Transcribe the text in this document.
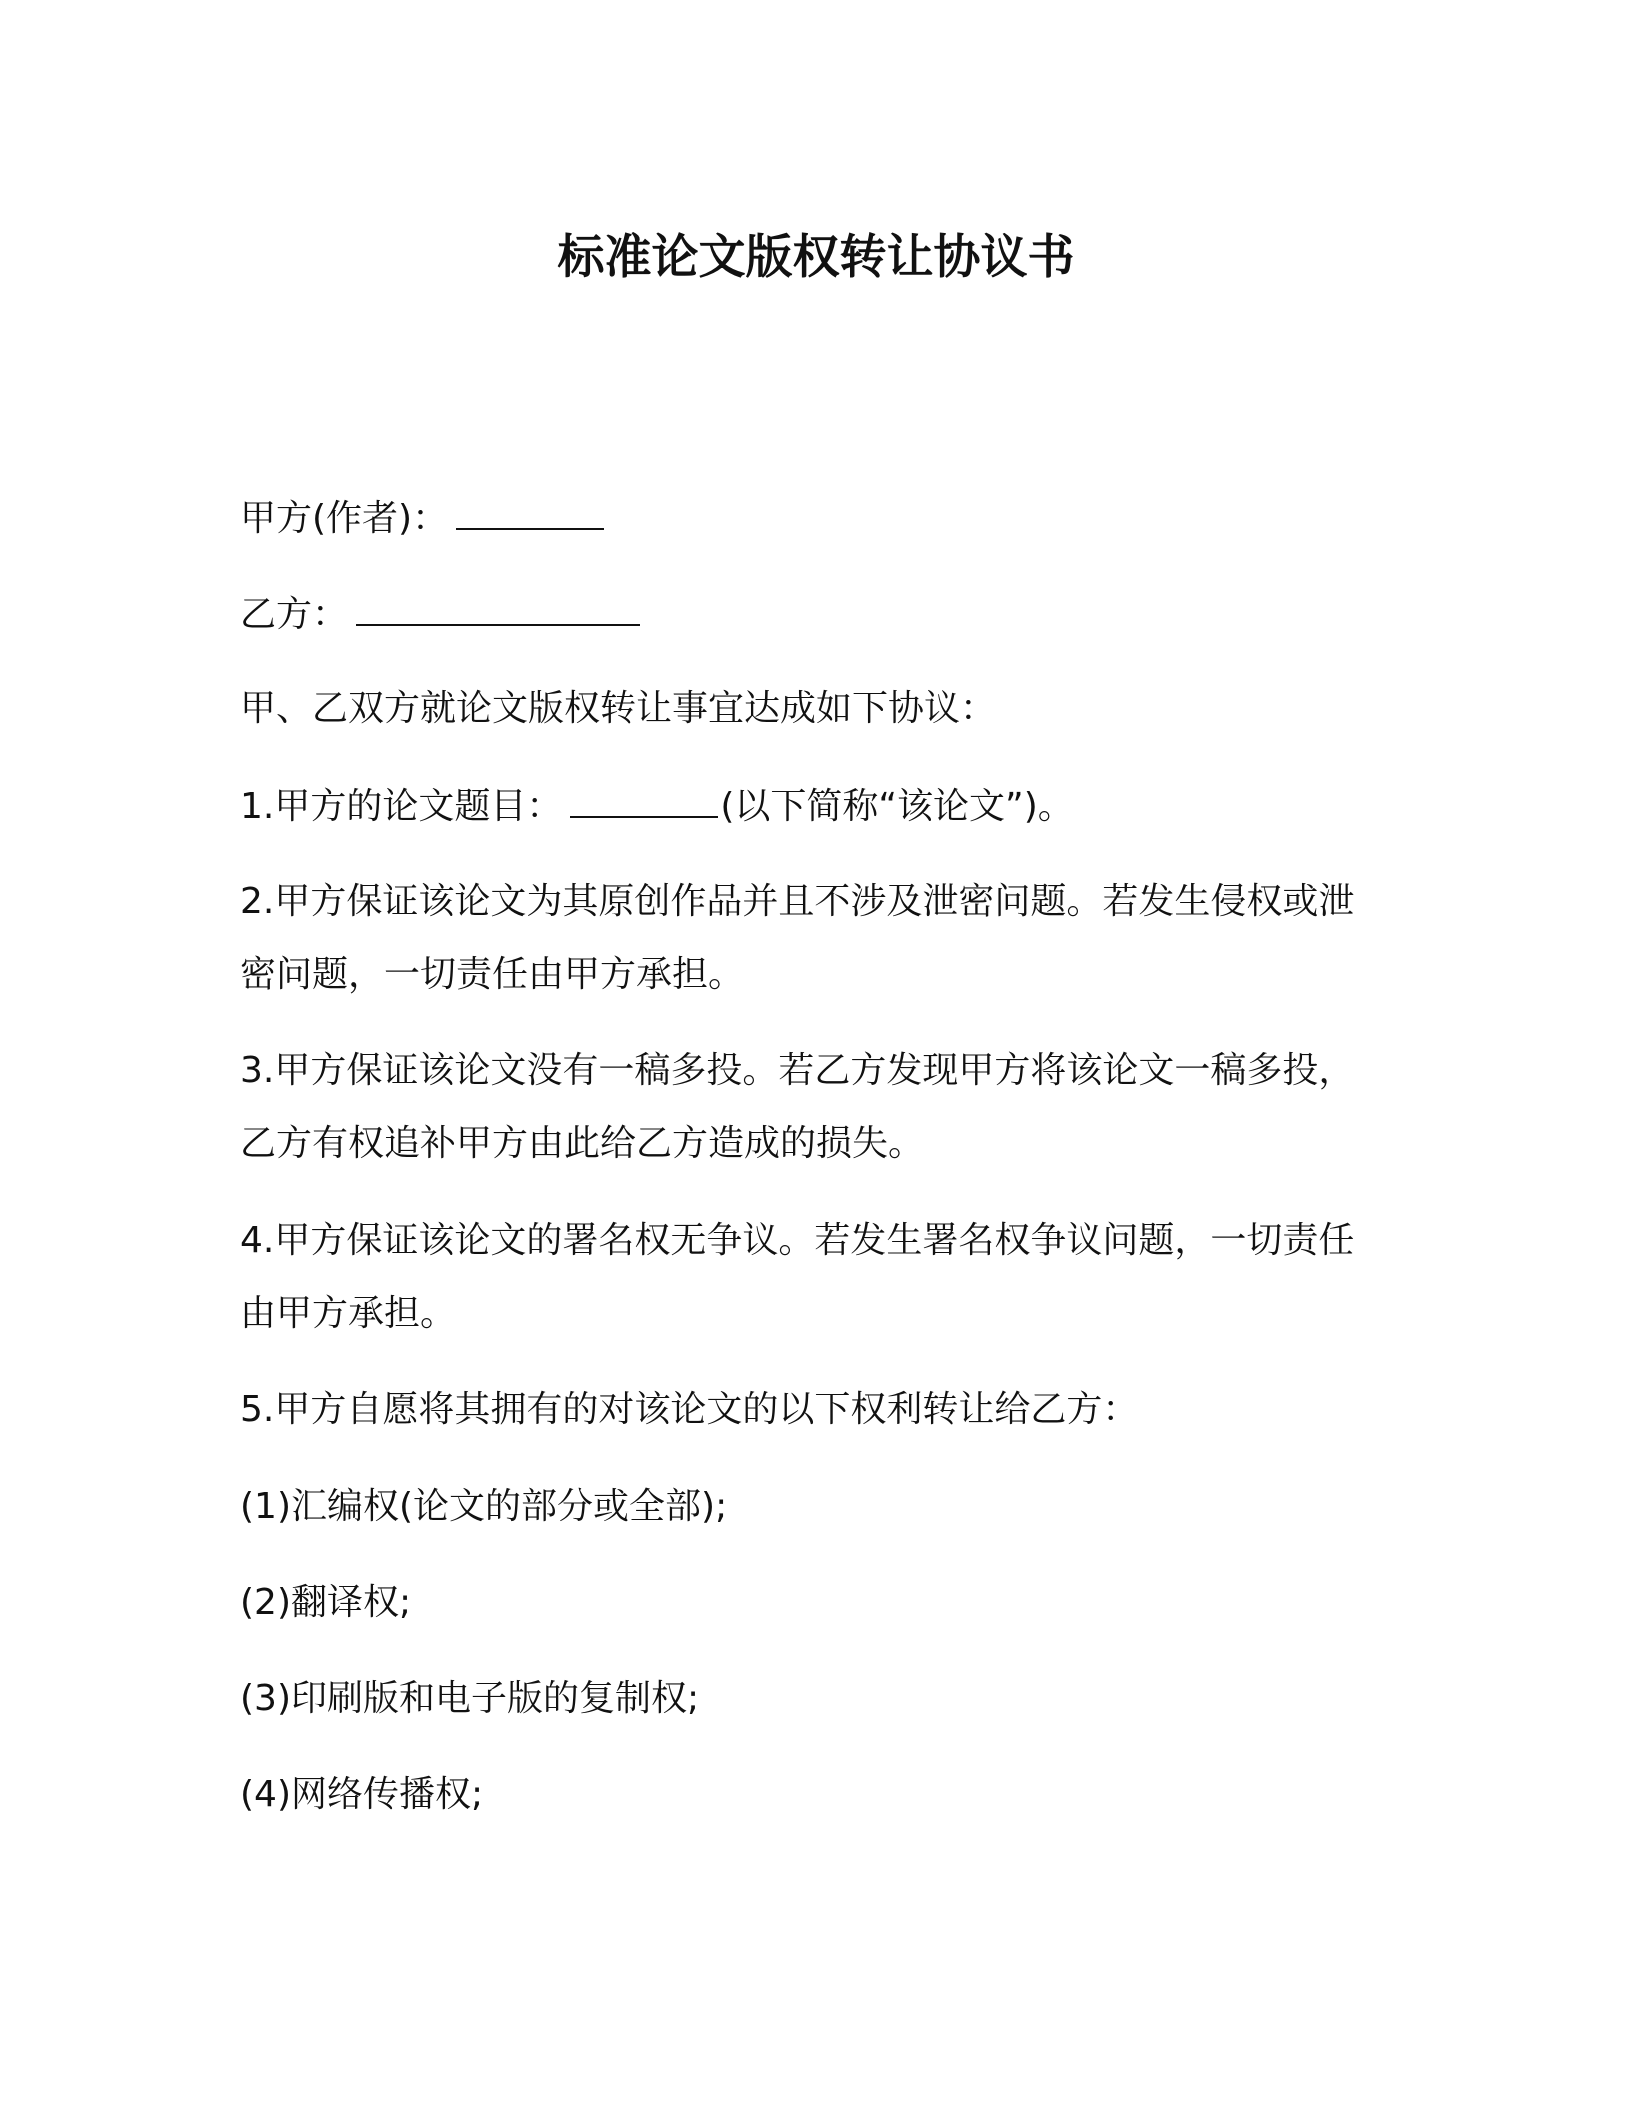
标准论文版权转让协议书
甲方(作者)：
乙方：
甲、乙双方就论文版权转让事宜达成如下协议：
1.甲方的论文题目：	(以下简称“该论文”)。
2.甲方保证该论文为其原创作品并且不涉及泄密问题。若发生侵权或泄
密问题，一切责任由甲方承担。
3.甲方保证该论文没有一稿多投。若乙方发现甲方将该论文一稿多投，
乙方有权追补甲方由此给乙方造成的损失。
4.甲方保证该论文的署名权无争议。若发生署名权争议问题，一切责任
由甲方承担。
5.甲方自愿将其拥有的对该论文的以下权利转让给乙方：
(1)汇编权(论文的部分或全部);
(2)翻译权;
(3)印刷版和电子版的复制权;
(4)网络传播权;
